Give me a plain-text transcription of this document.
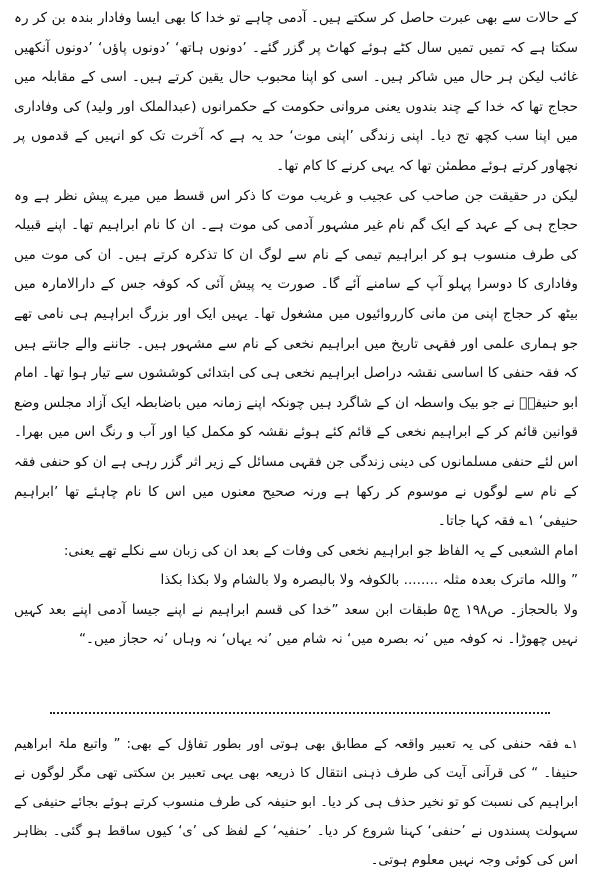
کے حالات سے بھی عبرت حاصل کر سکتے ہیں۔ آدمی چاہے تو خدا کا بھی ایسا وفادار بندہ بن کر رہ سکتا ہے کہ تمیں تمیں سال کٹے ہوئے کھاٹ پر گزر گئے۔ ’دونوں ہاتھ‘ ’دونوں پاؤں‘ ’دونوں آنکھیں غائب لیکن ہر حال میں شاکر ہیں۔ اسی کو اپنا محبوب حال یقین کرتے ہیں۔ اسی کے مقابلہ میں حجاج تھا کہ خدا کے چند بندوں یعنی مروانی حکومت کے حکمرانوں (عبدالملک اور ولید) کی وفاداری میں اپنا سب کچھ تج دیا۔ اپنی زندگی ’اپنی موت‘ حد یہ ہے کہ آخرت تک کو انہیں کے قدموں پر نچھاور کرتے ہوئے مطمئن تھا کہ یہی کرنے کا کام تھا۔

لیکن در حقیقت جن صاحب کی عجیب و غریب موت کا ذکر اس قسط میں میرے پیش نظر ہے وہ حجاج ہی کے عہد کے ایک گم نام غیر مشہور آدمی کی موت ہے۔ ان کا نام ابراہیم تھا۔ اپنے قبیلہ کی طرف منسوب ہو کر ابراہیم تیمی کے نام سے لوگ ان کا تذکرہ کرتے ہیں۔ ان کی موت میں وفاداری کا دوسرا پہلو آپ کے سامنے آئے گا۔ صورت یہ پیش آئی کہ کوفہ جس کے دارالامارہ میں بیٹھ کر حجاج اپنی من مانی کارروائیوں میں مشغول تھا۔ یہیں ایک اور بزرگ ابراہیم ہی نامی تھے جو ہماری علمی اور فقہی تاریخ میں ابراہیم نخعی کے نام سے مشہور ہیں۔ جاننے والے جانتے ہیں کہ فقہ حنفی کا اساسی نقشہ دراصل ابراہیم نخعی ہی کی ابتدائی کوششوں سے تیار ہوا تھا۔ امام ابو حنیفہؒ نے جو بیک واسطہ ان کے شاگرد ہیں چونکہ اپنے زمانہ میں باضابطہ ایک آزاد مجلس وضع قوانین قائم کر کے ابراہیم نخعی کے قائم کئے ہوئے نقشہ کو مکمل کیا اور آب و رنگ اس میں بھرا۔ اس لئے حنفی مسلمانوں کی دینی زندگی جن فقہی مسائل کے زیر اثر گزر رہی ہے ان کو حنفی فقہ کے نام سے لوگوں نے موسوم کر رکھا ہے ورنہ صحیح معنوں میں اس کا نام چاہئے تھا ’ابراہیم حنیفی‘ ۱؎ فقہ کہا جاتا۔

امام الشعبی کے یہ الفاظ جو ابراہیم نخعی کی وفات کے بعد ان کی زبان سے نکلے تھے یعنی:

” واللہ ماترک بعدہ مثلہ ........ بالکوفہ ولا بالبصرہ ولا بالشام ولا بکذا بکذا

ولا بالحجاز۔ ص۱۹۸ ج۵ طبقات ابن سعد ”خدا کی قسم ابراہیم نے اپنے جیسا آدمی اپنے بعد کہیں نہیں چھوڑا۔ نہ کوفہ میں ’نہ بصرہ میں‘ نہ شام میں ’نہ یہاں‘ نہ وہاں ’نہ حجاز میں۔“

۱؎ فقہ حنفی کی یہ تعبیر واقعہ کے مطابق بھی ہوتی اور بطور تفاؤل کے بھی: ” واتبع ملۃ ابراھیم حنیفا۔ “ کی قرآنی آیت کی طرف ذہنی انتقال کا ذریعہ بھی یہی تعبیر بن سکتی تھی مگر لوگوں نے ابراہیم کی نسبت کو تو نخیر حذف ہی کر دیا۔ ابو حنیفہ کی طرف منسوب کرتے ہوئے بجائے حنیفی کے سہولت پسندوں نے ’حنفی‘ کہنا شروع کر دیا۔ ’حنفیہ‘ کے لفظ کی ’ی‘ کیوں ساقط ہو گئی۔ بظاہر اس کی کوئی وجہ نہیں معلوم ہوتی۔
